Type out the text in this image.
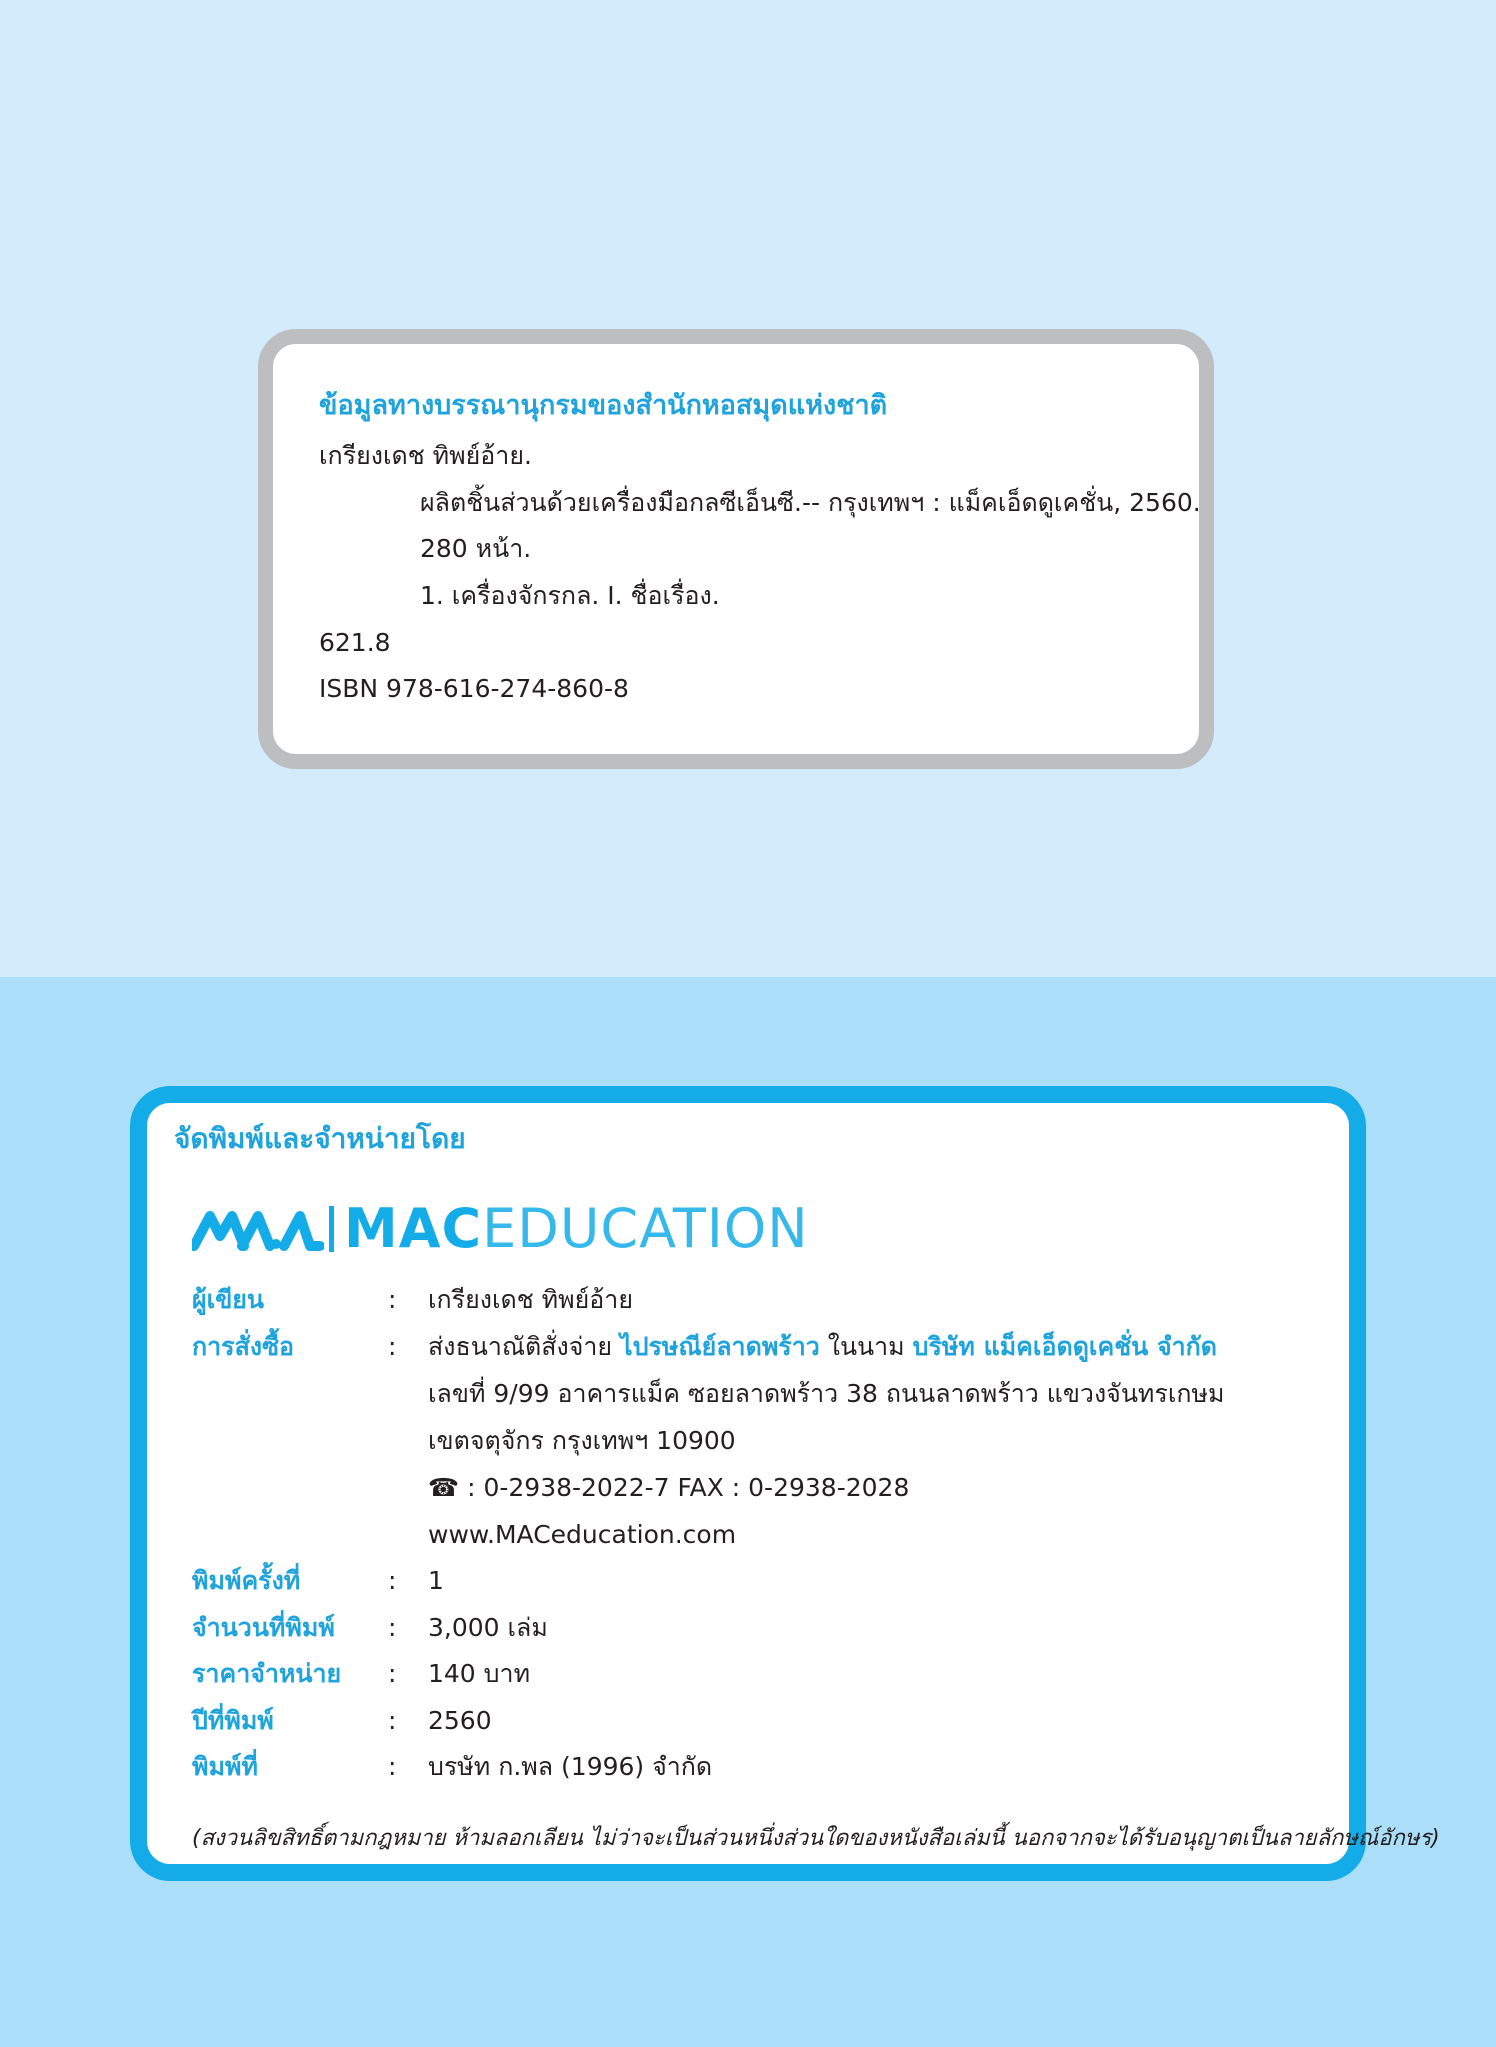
ข้อมูลทางบรรณานุกรมของสำนักหอสมุดแห่งชาติ
เกรียงเดช ทิพย์อ้าย.
ผลิตชิ้นส่วนด้วยเครื่องมือกลซีเอ็นซี.-- กรุงเทพฯ : แม็คเอ็ดดูเคชั่น, 2560.
280 หน้า.
1. เครื่องจักรกล. I. ชื่อเรื่อง.
621.8
ISBN 978-616-274-860-8
จัดพิมพ์และจำหน่ายโดย
MACEDUCATION
ผู้เขียน	: เกรียงเดช ทิพย์อ้าย
การสั่งซื้อ	: ส่งธนาณัติสั่งจ่าย ไปรษณีย์ลาดพร้าว ในนาม บริษัท แม็คเอ็ดดูเคชั่น จำกัด
เลขที่ 9/99 อาคารแม็ค ซอยลาดพร้าว 38 ถนนลาดพร้าว แขวงจันทรเกษม
เขตจตุจักร กรุงเทพฯ 10900
☎ : 0-2938-2022-7 FAX : 0-2938-2028
www.MACeducation.com
พิมพ์ครั้งที่	: 1
จำนวนที่พิมพ์ : 3,000 เล่ม
ราคาจำหน่าย : 140 บาท
ปีที่พิมพ์	: 2560
พิมพ์ที่	: บรษัท ก.พล (1996) จำกัด
(สงวนลิขสิทธิ์ตามกฎหมาย ห้ามลอกเลียน ไม่ว่าจะเป็นส่วนหนึ่งส่วนใดของหนังสือเล่มนี้ นอกจากจะได้รับอนุญาตเป็นลายลักษณ์อักษร)
